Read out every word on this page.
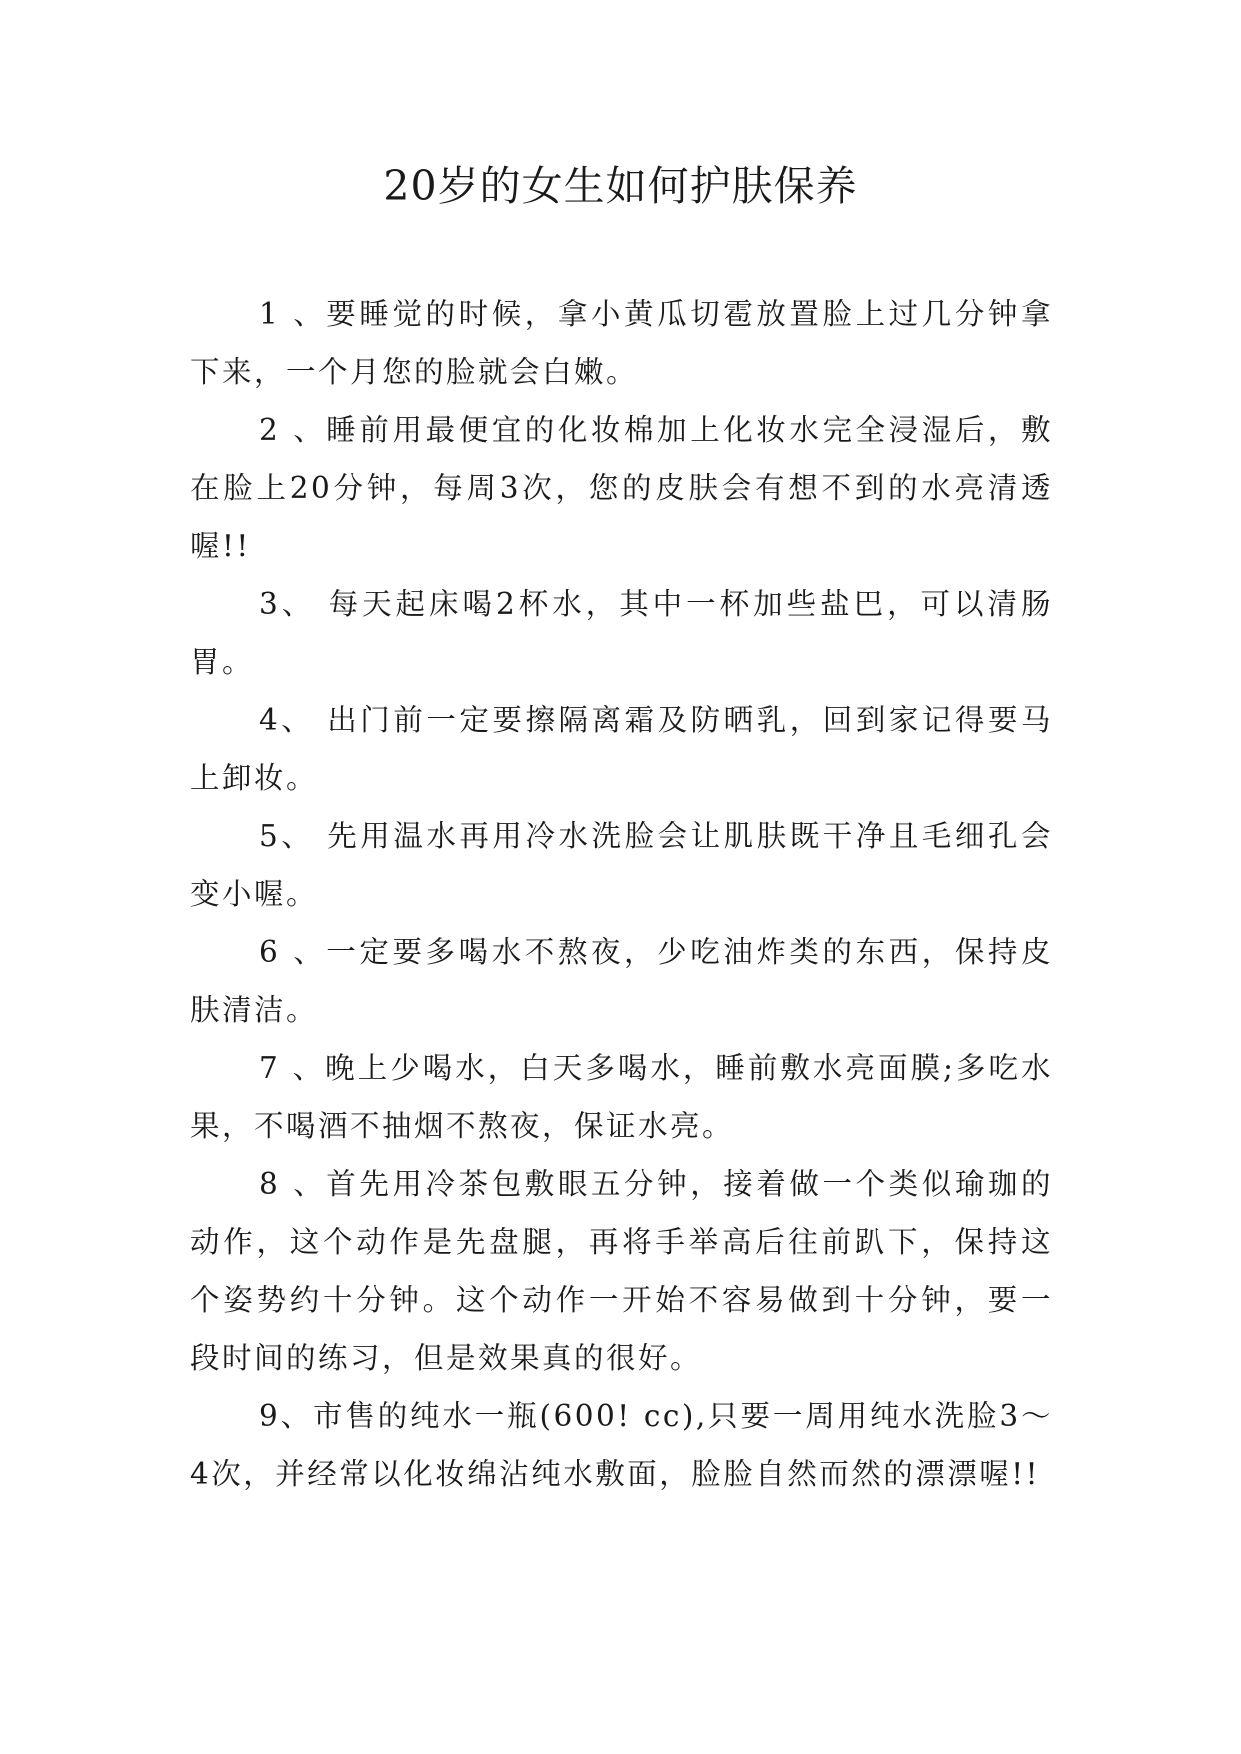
20岁的女生如何护肤保养

1 、要睡觉的时候，拿小黄瓜切雹放置脸上过几分钟拿下来，一个月您的脸就会白嫩。

2 、睡前用最便宜的化妆棉加上化妆水完全浸湿后，敷在脸上20分钟，每周3次，您的皮肤会有想不到的水亮清透喔!!

3、 每天起床喝2杯水，其中一杯加些盐巴，可以清肠胃。

4、 出门前一定要擦隔离霜及防晒乳，回到家记得要马上卸妆。

5、 先用温水再用冷水洗脸会让肌肤既干净且毛细孔会变小喔。

6 、一定要多喝水不熬夜，少吃油炸类的东西，保持皮肤清洁。

7 、晚上少喝水，白天多喝水，睡前敷水亮面膜;多吃水果，不喝酒不抽烟不熬夜，保证水亮。

8 、首先用冷茶包敷眼五分钟，接着做一个类似瑜珈的动作，这个动作是先盘腿，再将手举高后往前趴下，保持这个姿势约十分钟。这个动作一开始不容易做到十分钟，要一段时间的练习，但是效果真的很好。

9、市售的纯水一瓶(600! cc),只要一周用纯水洗脸3～4次，并经常以化妆绵沾纯水敷面，脸脸自然而然的漂漂喔!!
